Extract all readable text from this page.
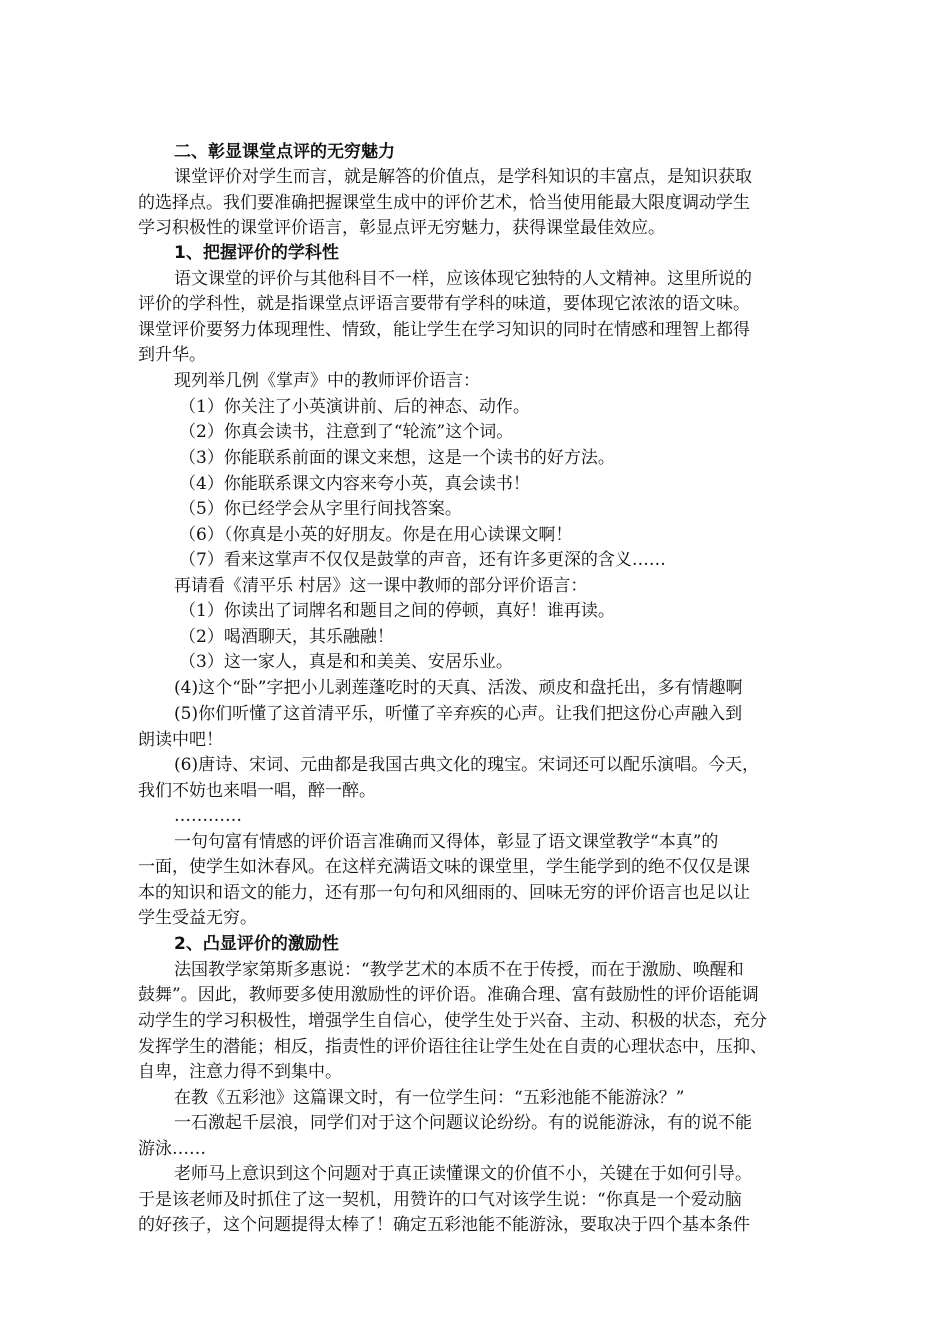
二、彰显课堂点评的无穷魅力
课堂评价对学生而言，就是解答的价值点，是学科知识的丰富点，是知识获取
的选择点。我们要准确把握课堂生成中的评价艺术，恰当使用能最大限度调动学生
学习积极性的课堂评价语言，彰显点评无穷魅力，获得课堂最佳效应。
1、把握评价的学科性
语文课堂的评价与其他科目不一样，应该体现它独特的人文精神。这里所说的
评价的学科性，就是指课堂点评语言要带有学科的味道，要体现它浓浓的语文味。
课堂评价要努力体现理性、情致，能让学生在学习知识的同时在情感和理智上都得
到升华。
现列举几例《掌声》中的教师评价语言：
（1）你关注了小英演讲前、后的神态、动作。
（2）你真会读书，注意到了“轮流”这个词。
（3）你能联系前面的课文来想，这是一个读书的好方法。
（4）你能联系课文内容来夸小英，真会读书！
（5）你已经学会从字里行间找答案。
（6）（你真是小英的好朋友。你是在用心读课文啊！
（7）看来这掌声不仅仅是鼓掌的声音，还有许多更深的含义……
再请看《清平乐 村居》这一课中教师的部分评价语言：
（1）你读出了词牌名和题目之间的停顿，真好！谁再读。
（2）喝酒聊天，其乐融融！
（3）这一家人，真是和和美美、安居乐业。
(4)这个“卧”字把小儿剥莲蓬吃时的天真、活泼、顽皮和盘托出，多有情趣啊
(5)你们听懂了这首清平乐，听懂了辛弃疾的心声。让我们把这份心声融入到
朗读中吧！
(6)唐诗、宋词、元曲都是我国古典文化的瑰宝。宋词还可以配乐演唱。今天，
我们不妨也来唱一唱，醉一醉。
…………
一句句富有情感的评价语言准确而又得体，彰显了语文课堂教学“本真”的
一面，使学生如沐春风。在这样充满语文味的课堂里，学生能学到的绝不仅仅是课
本的知识和语文的能力，还有那一句句和风细雨的、回味无穷的评价语言也足以让
学生受益无穷。
2、凸显评价的激励性
法国教学家第斯多惠说：“教学艺术的本质不在于传授，而在于激励、唤醒和
鼓舞”。因此，教师要多使用激励性的评价语。准确合理、富有鼓励性的评价语能调
动学生的学习积极性，增强学生自信心，使学生处于兴奋、主动、积极的状态，充分
发挥学生的潜能；相反，指责性的评价语往往让学生处在自责的心理状态中，压抑、
自卑，注意力得不到集中。
在教《五彩池》这篇课文时，有一位学生问：“五彩池能不能游泳？”
一石激起千层浪，同学们对于这个问题议论纷纷。有的说能游泳，有的说不能
游泳……
老师马上意识到这个问题对于真正读懂课文的价值不小，关键在于如何引导。
于是该老师及时抓住了这一契机，用赞许的口气对该学生说：“你真是一个爱动脑
的好孩子，这个问题提得太棒了！确定五彩池能不能游泳，要取决于四个基本条件
